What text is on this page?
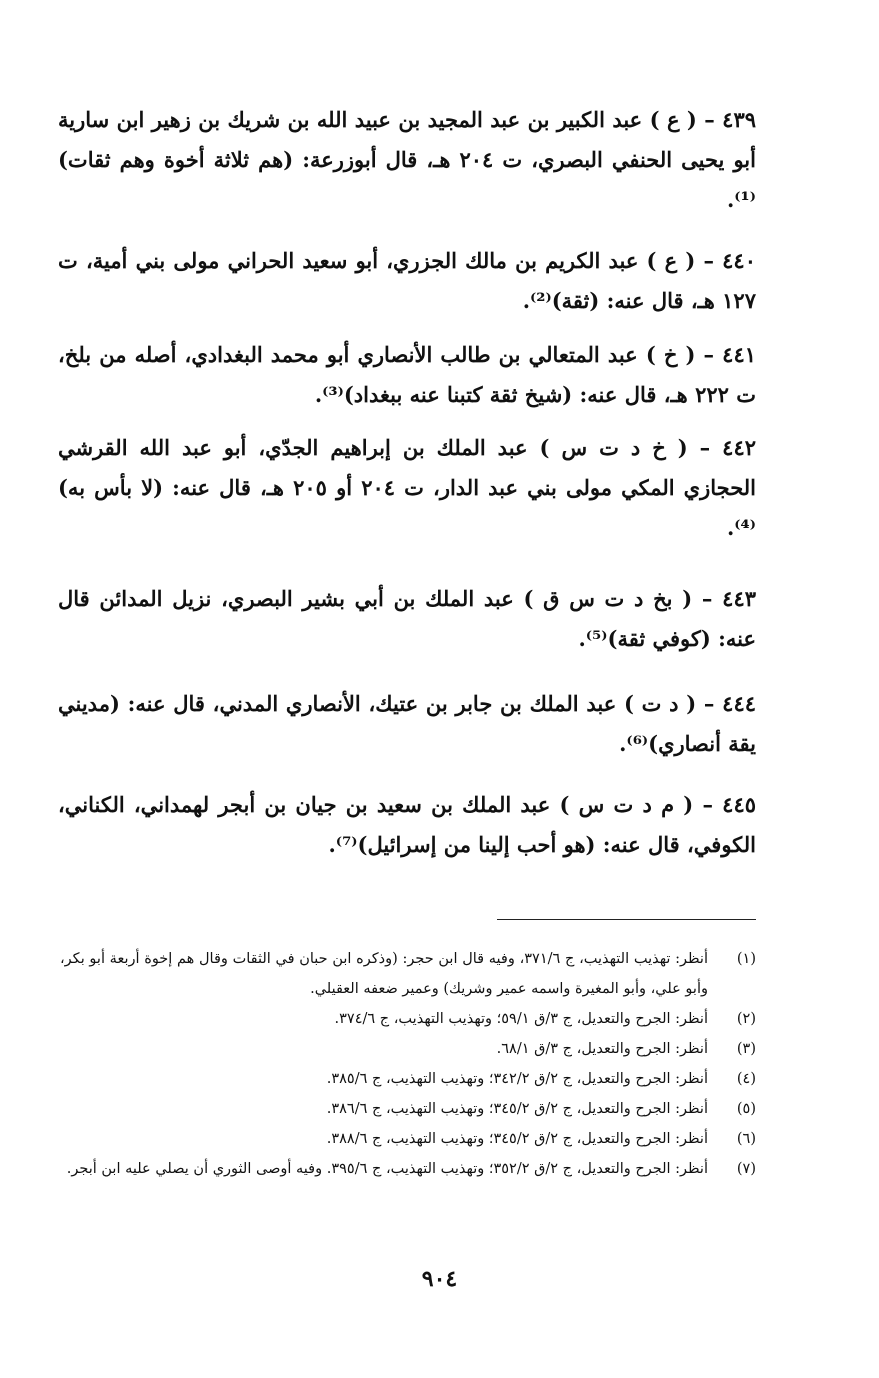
٤٣٩ – ( ع ) عبد الكبير بن عبد المجيد بن عبيد الله بن شريك بن زهير ابن سارية أبو يحيى الحنفي البصري، ت ٢٠٤ هـ، قال أبوزرعة: (هم ثلاثة أخوة وهم ثقات)⁽¹⁾.
٤٤٠ – ( ع ) عبد الكريم بن مالك الجزري، أبو سعيد الحراني مولى بني أمية، ت ١٢٧ هـ، قال عنه: (ثقة)⁽²⁾.
٤٤١ – ( خ ) عبد المتعالي بن طالب الأنصاري أبو محمد البغدادي، أصله من بلخ، ت ٢٢٢ هـ، قال عنه: (شيخ ثقة كتبنا عنه ببغداد)⁽³⁾.
٤٤٢ – ( خ د ت س ) عبد الملك بن إبراهيم الجدّي، أبو عبد الله القرشي الحجازي المكي مولى بني عبد الدار، ت ٢٠٤ أو ٢٠٥ هـ، قال عنه: (لا بأس به)⁽⁴⁾.
٤٤٣ – ( بخ د ت س ق ) عبد الملك بن أبي بشير البصري، نزيل المدائن قال عنه: (كوفي ثقة)⁽⁵⁾.
٤٤٤ – ( د ت ) عبد الملك بن جابر بن عتيك، الأنصاري المدني، قال عنه: (مديني يقة أنصاري)⁽⁶⁾.
٤٤٥ – ( م د ت س ) عبد الملك بن سعيد بن جيان بن أبجر لهمداني، الكناني، الكوفي، قال عنه: (هو أحب إلينا من إسرائيل)⁽⁷⁾.
(١)
أنظر: تهذيب التهذيب، ج ٣٧١/٦، وفيه قال ابن حجر: (وذكره ابن حبان في الثقات وقال هم إخوة أربعة أبو بكر، وأبو علي، وأبو المغيرة واسمه عمير وشريك) وعمير ضعفه العقيلي.
(٢)
أنظر: الجرح والتعديل، ج ٣/ق ٥٩/١؛ وتهذيب التهذيب، ج ٣٧٤/٦.
(٣)
أنظر: الجرح والتعديل، ج ٣/ق ٦٨/١.
(٤)
أنظر: الجرح والتعديل، ج ٢/ق ٣٤٢/٢؛ وتهذيب التهذيب، ج ٣٨٥/٦.
(٥)
أنظر: الجرح والتعديل، ج ٢/ق ٣٤٥/٢؛ وتهذيب التهذيب، ج ٣٨٦/٦.
(٦)
أنظر: الجرح والتعديل، ج ٢/ق ٣٤٥/٢؛ وتهذيب التهذيب، ج ٣٨٨/٦.
(٧)
أنظر: الجرح والتعديل، ج ٢/ق ٣٥٢/٢؛ وتهذيب التهذيب، ج ٣٩٥/٦. وفيه أوصى الثوري أن يصلي عليه ابن أبجر.
٩٠٤
